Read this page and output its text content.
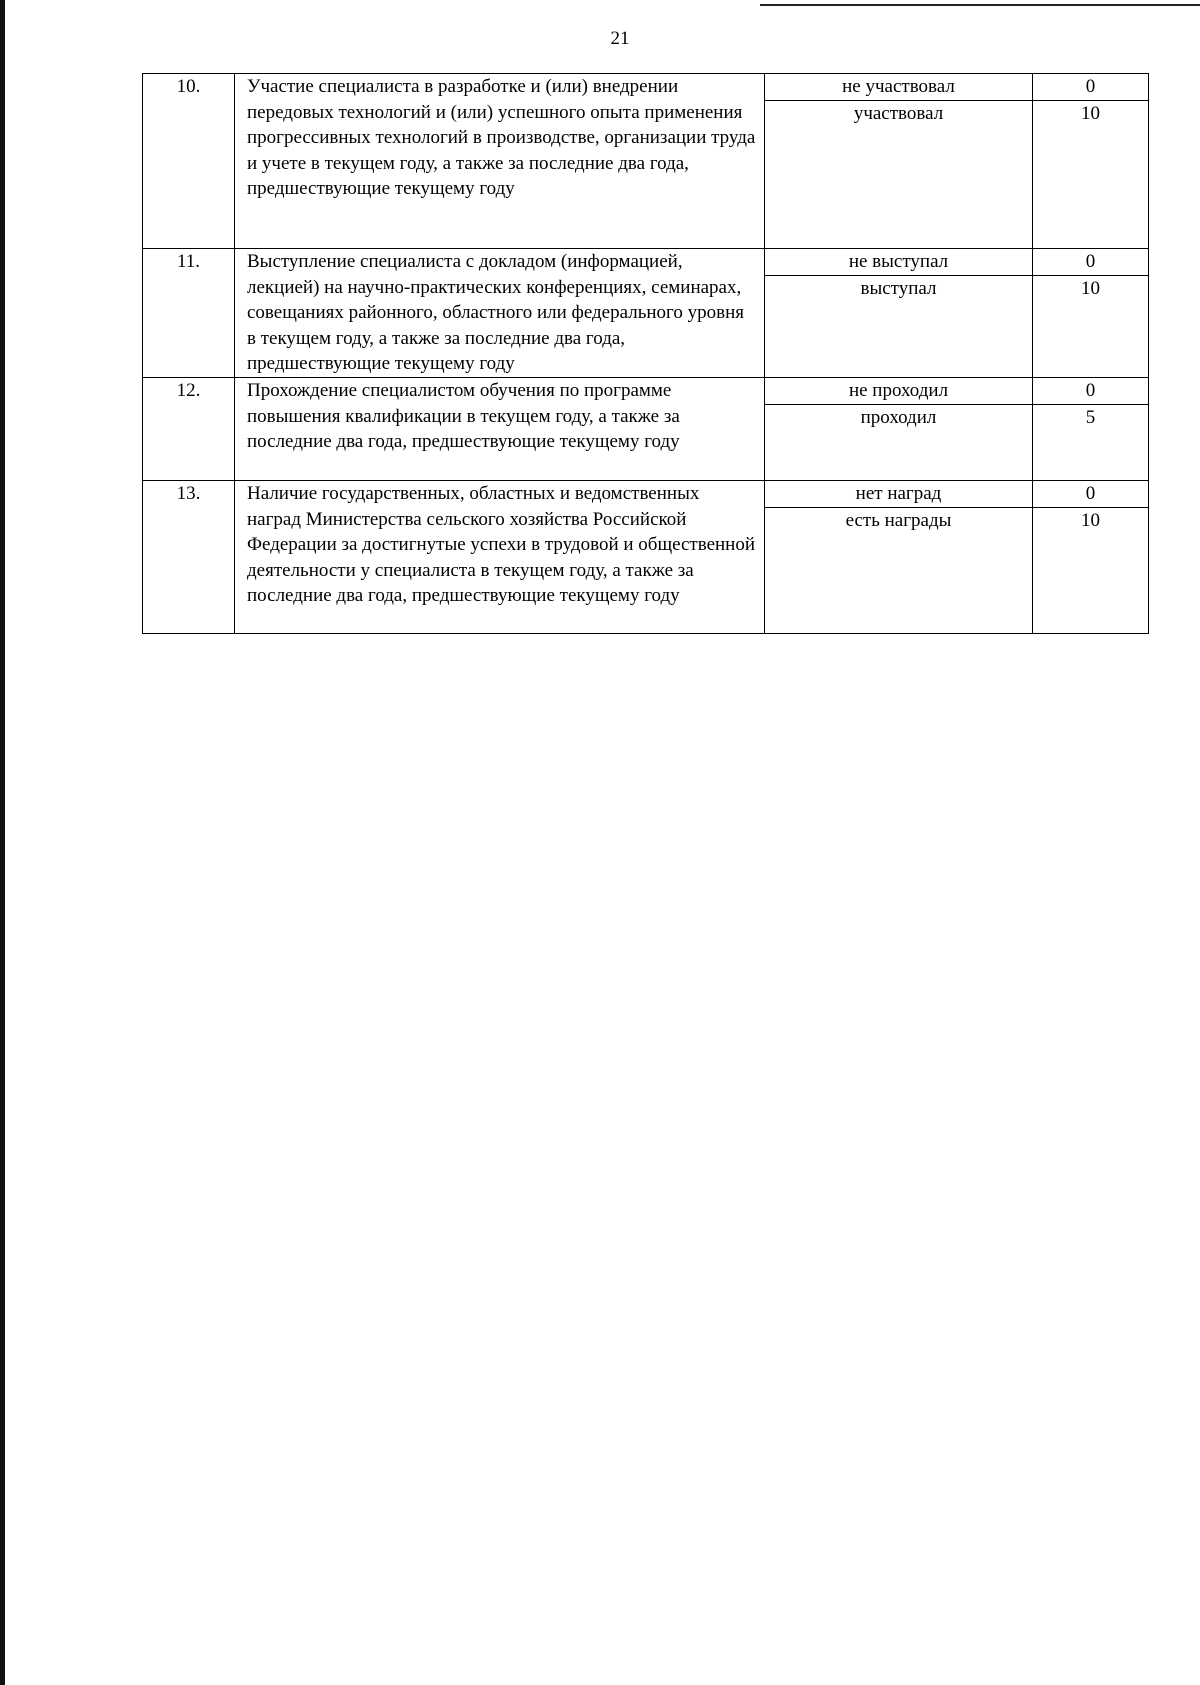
21
10.	Участие специалиста в разработке и (или) внедрении передовых технологий и (или) успешного опыта применения прогрессивных технологий в производстве, организации труда и учете в текущем году, а также за последние два года, предшествующие текущему году	не участвовал	0
		участвовал	10
11.	Выступление специалиста с докладом (информацией, лекцией) на научно-практических конференциях, семинарах, совещаниях районного, областного или федерального уровня в текущем году, а также за последние два года, предшествующие текущему году	не выступал	0
		выступал	10
12.	Прохождение специалистом обучения по программе повышения квалификации в текущем году, а также за последние два года, предшествующие текущему году	не проходил	0
		проходил	5
13.	Наличие государственных, областных и ведомственных наград Министерства сельского хозяйства Российской Федерации за достигнутые успехи в трудовой и общественной деятельности у специалиста в текущем году, а также за последние два года, предшествующие текущему году	нет наград	0
		есть награды	10
